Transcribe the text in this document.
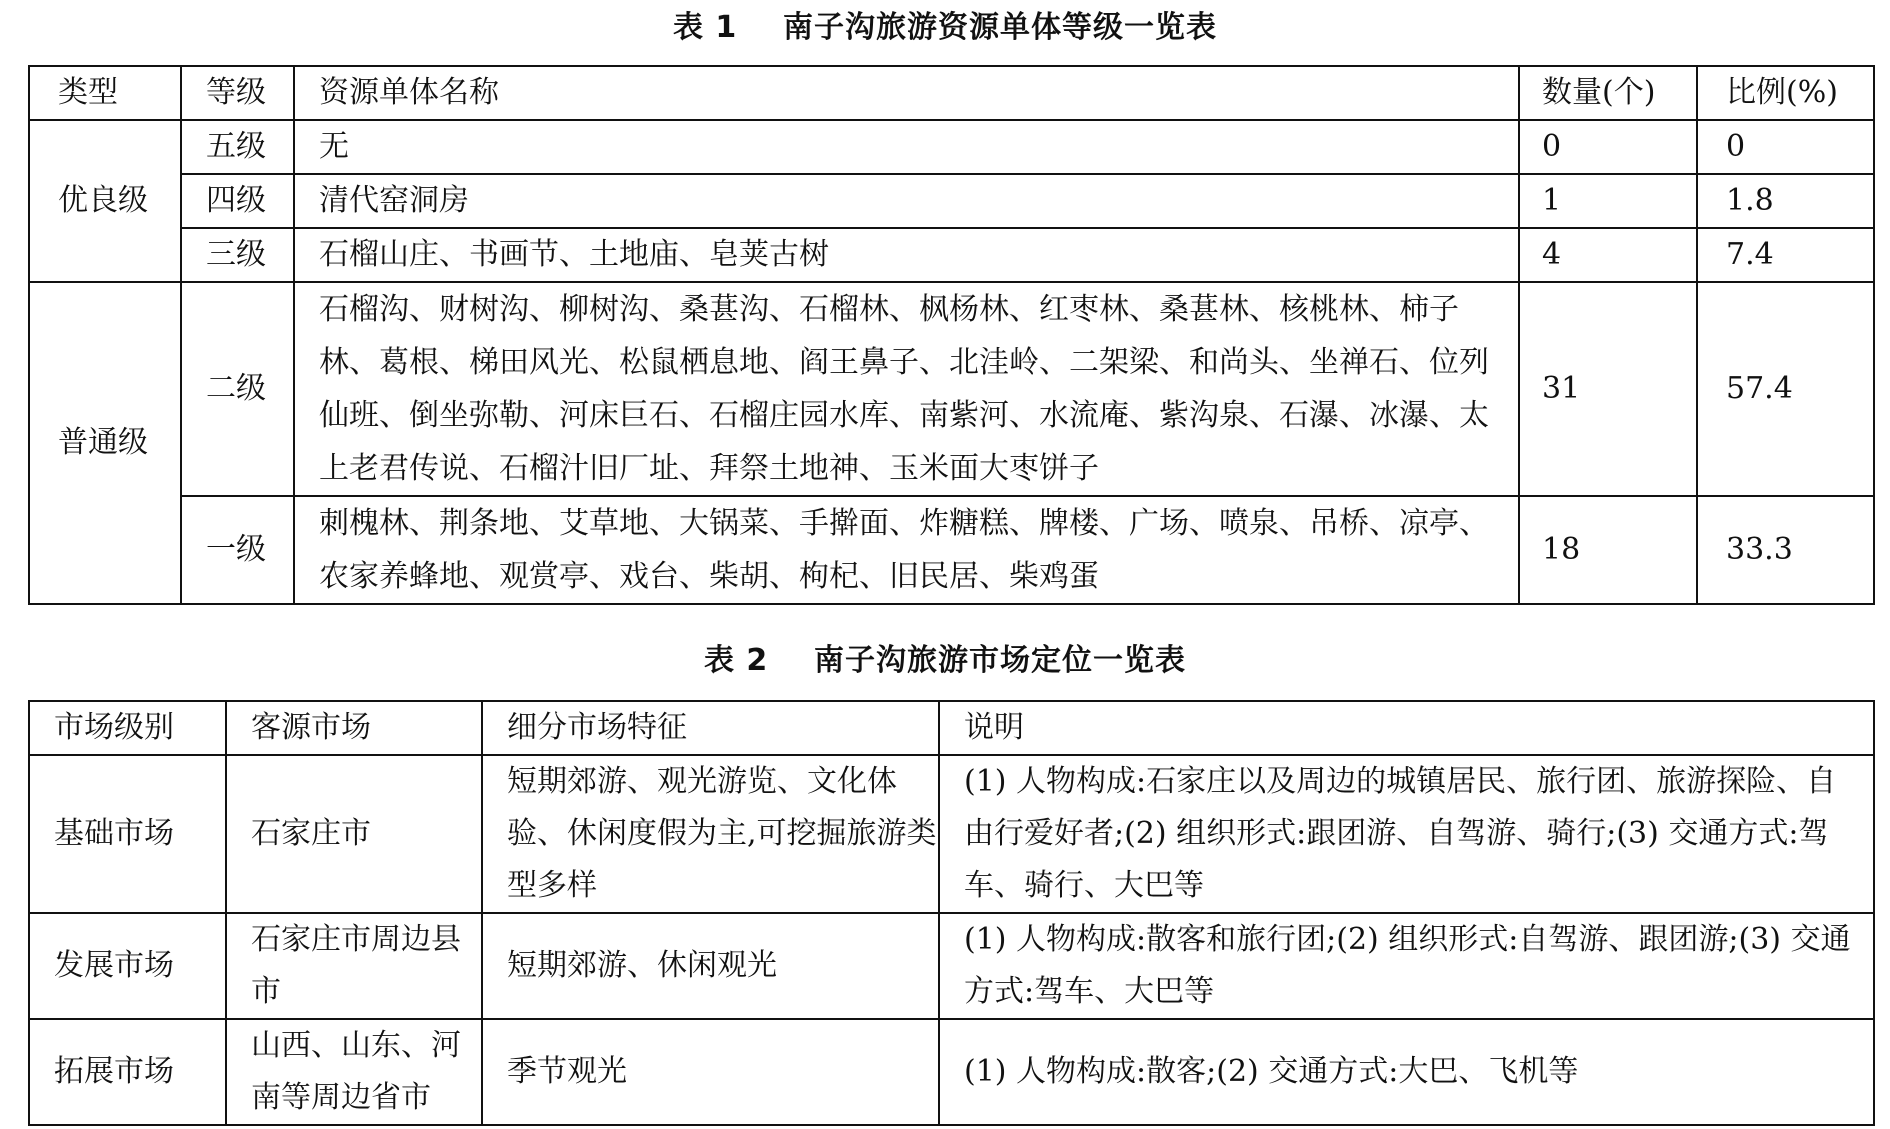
表 1    南子沟旅游资源单体等级一览表
类型	等级	资源单体名称	数量(个)	比例(%)
优良级	五级	无	0	0
	四级	清代窑洞房	1	1.8
	三级	石榴山庄、书画节、土地庙、皂荚古树	4	7.4
普通级	二级	石榴沟、财树沟、柳树沟、桑葚沟、石榴林、枫杨林、红枣林、桑葚林、核桃林、柿子林、葛根、梯田风光、松鼠栖息地、阎王鼻子、北洼岭、二架梁、和尚头、坐禅石、位列仙班、倒坐弥勒、河床巨石、石榴庄园水库、南紫河、水流庵、紫沟泉、石瀑、冰瀑、太上老君传说、石榴汁旧厂址、拜祭土地神、玉米面大枣饼子	31	57.4
	一级	刺槐林、荆条地、艾草地、大锅菜、手擀面、炸糖糕、牌楼、广场、喷泉、吊桥、凉亭、农家养蜂地、观赏亭、戏台、柴胡、枸杞、旧民居、柴鸡蛋	18	33.3
表 2    南子沟旅游市场定位一览表
市场级别	客源市场	细分市场特征	说明
基础市场	石家庄市	短期郊游、观光游览、文化体验、休闲度假为主,可挖掘旅游类型多样	(1) 人物构成:石家庄以及周边的城镇居民、旅行团、旅游探险、自由行爱好者;(2) 组织形式:跟团游、自驾游、骑行;(3) 交通方式:驾车、骑行、大巴等
发展市场	石家庄市周边县市	短期郊游、休闲观光	(1) 人物构成:散客和旅行团;(2) 组织形式:自驾游、跟团游;(3) 交通方式:驾车、大巴等
拓展市场	山西、山东、河南等周边省市	季节观光	(1) 人物构成:散客;(2) 交通方式:大巴、飞机等
